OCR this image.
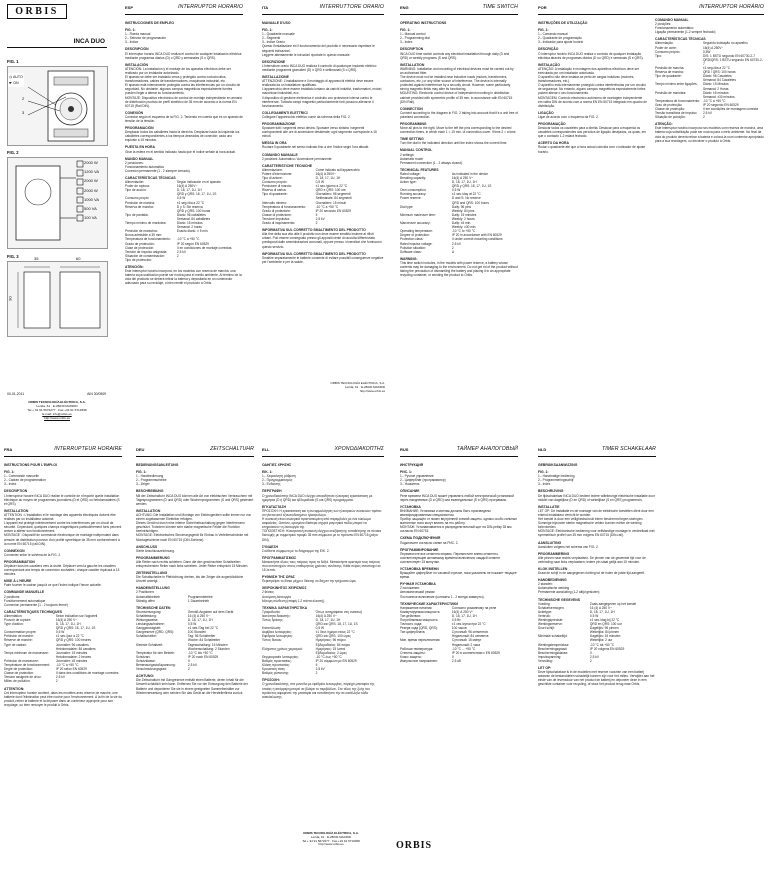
ORBIS
INCA DUO
FIG. 1
2
3
◷ AUTO
☛ ON
FIG. 2
2000 W
1200 VA
2000 W
2000 W
1000 VA
500 VA
100 VA
FIG. 3	35	60
90
00-01-2011	AIN 30/0509
ORBIS TECNOLOGÍA ELÉCTRICA, S.A.
Lerida, 61 · E-28030 MADRID
Tel.+ 34 91 5672277 · Fax:+34 91 5719398
E-mail: info@orbis.es
http://www.orbis.es
ESP	INTERRUPTOR HORARIO
INSTRUCCIONES DE EMPLEO
FIG. 1:
1.- Rueda manual
2.- Selector de programación
3.- Índice
DESCRIPCIÓN
El interruptor horario INCA DUO realiza el control de cualquier instalación eléctrica mediante programas diarios (D) o QRD y semanales (S o QRS).
INSTALACIÓN
ATENCIÓN: La instalación y el montaje de los aparatos eléctricos debe ser realizado por un instalador autorizado.
El aparato se debe ser instalado cerca y protegido contra cortocircuitos, transformadores, cables de transformadores, maquinaria industrial, etc.
El aparato está internamente protegido contra las interferencias por un circuito de seguridad. No obstante, algunos campos magnéticos especialmente fuertes pueden llegar a alterar su funcionamiento.
MONTAJE: Dispositivo electrónico de control de montaje independiente en armario de distribución provisto de perfil simétrico de 35 mm de acuerdo a la norma EN 60715 (Raíl DIN).
CONEXIÓN
Conectar según el esquema de la FIG. 2. Teniendo en cuenta que es un aparato de tensión de la tensión.
PROGRAMACIÓN
Desplazar todos los caballetes hacia la derecha. Desplazar hacia la izquierda los caballetes correspondientes a los tiempos deseados de conexión; cada uno equivale a 15 minutos.
PUESTA EN HORA
Girar la esfera en el sentido indicado hasta que el índice señale la hora actual.
MANDO MANUAL
2 posiciones:
Funcionamiento automático
Conexión permanente (1 - 2 siempre cerrado).
CARACTERÍSTICAS TÉCNICAS
Alimentación:	Según indicación en el aparato
Poder de ruptura:	16(4) A 250V~
Tipo de acción:	D, 18, 17, 1U, 1H
QRD y QRS: 18, 17, 1U, 1S
Consumo propio:	0,5 W
Precisión de marcha:	±1 seg./día a 22 °C
Reserva de marcha:	D y S: Sin reserva
QRD y QRS: 100 horas
Tipo de pantalla:	Diario: 96 caballetes
Semanal: 84 caballetes
Tiempo mínimo de maniobra:	Diario: 15 minutos
Semanal: 2 horas
Precisión de maniobra:	Exacto diario: ± 5 min.
Borna admisible a 35 mm:
Temperatura de funcionamiento:	-10 °C a +50 °C
Grado de protección:	IP 20 según EN 60529
Clase de protección:	II en condiciones de montaje correctas
Tensión de impulso asignada:	2,5 kV
Situación de contaminación:	2
Tipo de protección:
ATENCIÓN:
Este interruptor horario incorpora, en los modelos con reserva de marcha, una batería cuya sustitución puede ser nociva para el medio ambiente. Al término de la vida del producto se deberá retirar la batería y depositarla en un contenedor adecuado para su reciclaje, o bien remitir el producto a Orbis.
ITA	INTERRUTTORE ORARIO
MANUALE D'USO
FIG. 1:
1.- Quadrante manuale
2.- Segmenti
3.- Indice Orario
Questo l'installazione ed il funzionamento del prodotto è necessario rispettare le seguenti indicazioni.
Leggere attentamente le istruzioni riportate in questo manuale.
DESCRIZIONE
L'interruttore orario INCA DUO realizza il controllo di qualunque impianto elettrico mediante programmi giornalieri (D) o QRD e settimanali (S o QRS).
INSTALLAZIONE
ATTENZIONE: L'installazione e il montaggio di apparecchi elettrici deve essere realizzata da un installatore qualificato.
L'apparecchio deve essere installato lontano da carichi induttivi, trasformatori, motori, macchinari industriali, ecc.
Il dispositivo di gestione elettronica è costruito con protezione interna contro le interferenze. Tuttavia campi magnetici particolarmente forti possono alterarne il funzionamento.
COLLEGAMENTI ELETTRICI
Collegare l'apparecchio elettrico come da schema della FIG. 2.
PROGRAMMAZIONE
Spostare tutti i segmenti verso destra. Spostare verso sinistra i segmenti corrispondenti alle ore di accensione desiderate; ogni segmento corrisponde a 15 minuti.
MESSA IN ORA
Ruotare il quadrante nel senso indicato fino a che l'indice segni l'ora attuale.
COMANDO MANUALE
2 posizioni: Automatico / Accensione permanente.
CARATTERISTICHE TECNICHE
Alimentazione:	Come indicato sull'apparecchio
Potere d'interruzione:	16(4) A 250V~
Tipo di azione:	D, 18, 17, 1U, 1H
Consumo proprio:	0,5 W
Precisione di marcia:	±1 sec./giorno a 22 °C
Riserva di carica:	QRD e QRS: 100 ore
Tipo di quadrante:	Giornaliero: 96 segmenti
Settimanale: 84 segmenti
Intervallo minimo:	Giornaliero: 15 minuti
Temperatura di funzionamento:	-10 °C a +50 °C
Grado di protezione:	IP 20 secondo EN 60529
Classe di protezione:	II
Tensione impulsiva:	2,5 kV
Grado di inquinamento:	2
INFORMATIVA SUL CORRETTO SMALTIMENTO DEL PRODOTTO
Alla fine della sua vita utile il prodotto non deve essere smaltito insieme ai rifiuti urbani. Può essere consegnato presso gli appositi centri di raccolta differenziata predisposti dalle amministrazioni comunali, oppure presso i rivenditori che forniscono questo servizio.
INFORMATIVA SUL CORRETTO SMALTIMENTO DEL PRODOTTO
Smaltire separatamente le batterie consente di evitare possibili conseguenze negative per l'ambiente e per la salute.
ENG	TIME SWITCH
OPERATING INSTRUCTIONS
FIG. 1:
1.- Manual control
2.- Programming dial
3.- Index
DESCRIPTION
INCA DUO time switch controls any electrical installation through daily (D and QRD) or weekly programs (S and QRS).
INSTALLATION
WARNING: Installation and mounting of electrical devices must be carried out by an authorised fitter.
The device must not be installed near inductive loads (motors, transformers, contactors, etc.) or any other source of interference. The device is internally protected against interference by a security circuit. However, some particularly strong magnetic fields may alter its functioning.
MOUNTING: Electronic control device of independent mounting in distribution cabinet provided with symmetric profile of 35 mm, in accordance with EN 60715 (DIN Rail).
CONNECTION
Connect according to the diagram in FIG. 2 taking into account that it's a unit free of polarised connection.
PROGRAMMING
Move all pins to the right. Move to the left the pins corresponding to the desired connection times, in which each 1 = 15 min. of connection cover. If time 2 = a time.
TIME SETTING
Turn the dial in the indicated direction until the index shows the current time.
MANUAL CONTROL
2 settings:
Automatic mode
Permanent connection (1 - 2 always closed).
TECHNICAL FEATURES
Rated voltage:	As indicated in the device
Breaking capacity:	16(4) A 250 V~
Action type:	D, 18, 17, 1U, 1H
QRD y QRS: 18, 17, 1U, 1S
Own consumption:	0,5 W
Running accuracy:	±1 sec./day at 22 °C
Power reserve:	D and S: No reserve
QRD and QRS: 100 hours
Dial type:	Daily: 96 pins
Weekly: 84 pins
Minimum maneuver time:	Daily: 15 minutes
Weekly: 2 hours
Manoeuvre accuracy:	Daily: ±5 min.
Weekly: ±30 min.
Operating temperature:	-10 °C to +50 °C
Degree of protection:	IP 20 in accordance with EN 60529
Protection class:	II under correct mounting conditions
Rated impulse voltage:	2,5 kV
Pollution situation:	2
Software class:	A
WARNING:
This time switch includes, in the models with power reserve, a battery whose contents may be damaging to the environment. Do not get rid of the product without taking the precaution of dismantling the battery and placing it in an appropriate recycling container, or sending the product to Orbis.
POR	INTERRUPTOR HORÁRIO
INSTRUÇÕES DE UTILIZAÇÃO
FIG. 1:
1.- Comando manual
2.- Quadrante de programação
3.- Indicador para ajuste horário
DESCRIÇÃO
O interruptor horário INCA DUO realiza o controlo de qualquer instalação eléctrica através de programas diários (D ou QRD) e semanais (S e QRS).
INSTALAÇÃO
ATENÇÃO: A instalação e montagem dos aparelhos eléctricos deve ser executada por um instalador autorizado.
O aparelho não deve instalar-se perto de cargas indutivas (motores, transformadores, etc.).
O aparelho está internamente protegido contra interferências por um circuito de segurança. No entanto, alguns campos magnéticos especialmente fortes podem alterar o seu funcionamento.
MONTAGEM: Controlo electrónico autónomo de montagem independente em calha DIN de acordo com a norma EN EN 60715 integrado em quadro de distribuição.
LIGAÇÃO
Ligar de acordo com o esquema da FIG. 2.
PROGRAMAÇÃO
Deslocar todos os cavaletes para a direita. Deslocar para a esquerda os cavaletes correspondentes aos períodos de ligação desejados, os quais, em que o contacto 1-2 estará fechado.
ACERTO DA HORA
Rodar o quadrante até que a hora actual coincida com o indicador de ajuste horário.
COMANDO MANUAL
2 posições:
Funcionamento automático
Ligação permanente (1-2 sempre fechado)
CARACTERÍSTICAS TÉCNICAS
Alimentação:	Segundo indicação no aparelho
Poder de corte:	16(4) A 250V~
Consumo próprio:	0,5W
Tipo:	D/S: 1 BSTU segundo EN 60730-2-7
QRD/QRS: 1 BSTU segundo EN 60730-2-7
Precisão de marcha:	±1 seg./dia a 22 °C
Reserva de marcha:	QRD / QRS: 100 horas
Tipo de quadrante:	Diário: 96 Cavaletes
Semanal: 84 Cavaletes
Tempo mínimo entre ligações:	Diário: 15 Minutos
Semanal: 2 Horas
Precisão de manobra:	Diário: ±5 minutos
Semanal: ±30 minutos
Temperatura de funcionamento: -10 °C a +50 °C
Grau de protecção:	IP 20 segundo EN 60529
Classe de protecção:	II em condições de montagem correcta
Tensão transitória de impulso:	2,5 kV
Situação de poluição:	2
ATENÇÃO:
Este interruptor horário incorpora nos modelos com reserva de marcha, uma bateria cuja substituição pode ser nociva para o meio ambiente. No final da vida do produto deverá retirar a bateria e colocá-la num contentor apropriado para a sua reciclagem, ou devolver o produto à Orbis.
FRA	INTERRUPTEUR HORAIRE
INSTRUCTIONS POUR L'EMPLOI
FIG. 1:
1.- Commande manuelle
2.- Cadran de programmation
3.- Index
DESCRIPTION
L'interrupteur horaire INCA DUO réalise le contrôle de n'importe quelle installation électrique au moyen de programmes journaliers (D et QRD) ou hebdomadaires (S et QRS).
INSTALLATION
ATTENTION : L'installation et le montage des appareils électriques doivent être réalisés par un installateur autorisé.
L'appareil est protégé intérieurement contre les interférences par un circuit de sécurité. Cependant, quelques champs magnétiques particulièrement forts peuvent arriver à altérer son fonctionnement.
MONTAGE : Dispositif de commande électronique de montage indépendant dans armoire de distribution pourvue d'un profilé symétrique de 35 mm conformément à la norme EN 60715 (rail DIN).
CONNEXION
Connecter selon le schéma de la FIG. 2.
PROGRAMMATION
Déplacer tous les cavaliers vers la droite. Déplacer vers la gauche les cavaliers correspondant aux temps de connexion souhaités ; chaque cavalier équivaut à 15 minutes.
MISE À L'HEURE
Faire tourner le cadran jusqu'à ce que l'index indique l'heure actuelle.
COMMANDE MANUELLE
2 positions:
Fonctionnement automatique
Connexion permanente (1 - 2 toujours fermé)
CARACTÉRISTIQUES TECHNIQUES
Alimentation:	Selon indication sur l'appareil
Pouvoir de rupture:	16(4) A 250 V~
Type d'action:	D, 18, 17, 1U, 1H
QRD y QRS: 18, 17, 1U, 1S
Consommation propre:	0,5 W
Précision de marche:	±1 sec./jour à 22 °C
Réserve de marche:	QRD y QRS: 100 heures
Type de cadran:	Journalier: 96 cavaliers
Hebdomadaire: 84 cavaliers
Temps minimum de manœuvre:	Journalier: 15 minutes
Hebdomadaire: 2 heures
Précision de manœuvre:	Journalier: ±5 minutes
Température de fonctionnement:	-10 °C à +50 °C
Degré de protection:	IP 20 selon EN 60529
Classe de protection:	II dans des conditions de montage correctes
Tension assignée de choc:	2,5 kV
Milieu de pollution:	2
ATTENTION:
Cet interrupteur horaire contient, dans les modèles avec réserve de marche, une batterie dont l'élimination peut être nocive pour l'environnement. À la fin de la vie du produit, retirer la batterie et la déposer dans un conteneur approprié pour son recyclage, ou bien renvoyer le produit à Orbis.
DEU	ZEITSCHALTUHR
BEDIENUNGSANLEITUNG
FIG. 1:
1.- Handbedienung
2.- Programmscheibe
3.- Zeiger
BESCHREIBUNG
Mit der Zeitschaltuhr INCA DUO können alle Art von elektrischen Verbrauchern mit Tagesprogrammen (D und QRD) oder Wochenprogrammen (S und QRS) gesteuert werden.
INSTALLATION
ACHTUNG: Die Installation und Montage von Elektrogeräten sollte immer nur von einem zugelassenen Elektriker erfolgen.
Dieses Gerät ist durch eine interne Sicherheitsschaltung gegen Interferenzen geschützt. Trotzdem können sehr starke magnetische Felder die Funktion beeinträchtigen.
MONTAGE: Elektronisches Steuerungsgerät für Einbau in Verteilerschränke mit Montageschiene nach EN 60715 (DIN-Schiene).
ANSCHLUSS
Siehe Anschlusszeichnung.
PROGRAMMIERUNG
Alle Reiter nach rechts schieben. Dann die den gewünschten Schaltzeiten entsprechenden Reiter nach links schieben. Jeder Reiter entspricht 15 Minuten.
ZEITEINSTELLUNG
Die Schaltscheibe in Pfeilrichtung drehen, bis der Zeiger die augenblickliche Uhrzeit anzeigt.
HANDEINSTELLUNG
2 Positionen:
Automatikbetrieb	Programmbetrieb
Ständig offen	1 Dauerbetrieb
TECHNISCHE DATEN
Stromversorgung:	Gemäß Angaben auf dem Gerät
Schaltleistung:	16 (4) A 250 V~
Wirkungsweise:	D, 18, 17, 1U, 1H
Leistungsaufnahme:	0,5 W
Ganggenauigkeit:	±1 sek./Tag bei 22 °C
Gangreserve (QRD, QRS):	100 Stunden
Schaltscheibe:	Tag: 96 Schaltreiter
Woche: 84 Schaltreiter
Kleinste Schaltzeit:	Tagesschaltung: 15 Minuten
Wochenschaltung: 2 Stunden
Temperatur für den Betrieb:	-10 °C bis +50 °C
Schutzart:	IP 20 nach EN 60529
Schutzklasse:	II
Bemessungsstoßspannung:	2,5 kV
Verschmutzungsgrad:	2
ACHTUNG:
Die Zeitschaltuhr mit Gangreserve enthält einen Batterie, deren Inhalt für die Umwelt schädlich sein kann. Entfernen Sie vor der Entsorgung den Batterie der Batterie und deponieren Sie sie in einem geeigneten Sammelbehälter zur Wiederverwertung oder senden Sie das Gerät an die Herstellerfirma zurück.
ELL	ΧΡΟΝΟΔΙΑΚΟΠΤΗΣ
ΟΔΗΓΙΕΣ ΧΡΗΣΗΣ
ΕΙΚ. 1:
1.- Χειροκίνητη ρύθμιση
2.- Προγραμματισμός
3.- Ενδείκτης
ΠΕΡΙΓΡΑΦΗ
Ο χρονοδιακόπτης INCA DUO ελέγχει οποιαδήποτε ηλεκτρική εγκατάσταση με ημερήσια (D ή QRD) και εβδομαδιαία (S και QRS) προγράμματα.
ΕΓΚΑΤΑΣΤΑΣΗ
ΠΡΟΣΟΧΗ: Η εγκατάσταση και η συναρμολόγηση των ηλεκτρικών συσκευών πρέπει να γίνεται από εξουσιοδοτημένο ηλεκτρολόγο.
Η συσκευή είναι εσωτερικά προστατευμένη από παρεμβολές με ένα κύκλωμα ασφαλείας. Ωστόσο, ορισμένα ιδιαίτερα ισχυρά μαγνητικά πεδία μπορεί να επηρεάσουν τη λειτουργία της.
ΤΟΠΟΘΕΤΗΣΗ: Ηλεκτρονική συσκευή ελέγχου ανεξάρτητης τοποθέτησης σε πίνακα διανομής με συμμετρικό προφίλ 35 mm σύμφωνα με το πρότυπο EN 60715 (ράγα DIN).
ΣΥΝΔΕΣΗ
Συνδέστε σύμφωνα με το διάγραμμα της ΕΙΚ. 2.
ΠΡΟΓΡΑΜΜΑΤΙΣΜΟΣ
Μετακινήστε όλους τους πείρους προς τα δεξιά. Μετακινήστε αριστερά τους πείρους που αντιστοιχούν στους επιθυμητούς χρόνους σύνδεσης. Κάθε πείρος αντιστοιχεί σε 15 λεπτά.
ΡΥΘΜΙΣΗ ΤΗΣ ΩΡΑΣ
Περιστρέψτε το δίσκο μέχρι ο δείκτης να δείχνει την τρέχουσα ώρα.
ΧΕΙΡΟΚΙΝΗΤΟΣ ΧΕΙΡΙΣΜΟΣ
2 θέσεις:
Αυτόματη λειτουργία
Μόνιμη σύνδεση (επαφή 1-2 πάντα κλειστή).
ΤΕΧΝΙΚΑ ΧΑΡΑΚΤΗΡΙΣΤΙΚΑ
Τροφοδοσία:	Όπως αναγράφεται στη συσκευή
Ικανότητα διακοπής:	16(4) A 250 V~
Τύπος δράσης:	D, 18, 17, 1U, 1H
QRD και QRS: 18, 17, 1U, 1S
Κατανάλωση:	0,5 W
Ακρίβεια λειτουργίας:	±1 δευτ./ημέρα στους 22 °C
Εφεδρεία λειτουργίας:	QRD και QRS: 100 ώρες
Τύπος δίσκου:	Ημερήσιος: 96 πείροι
Εβδομαδιαίος: 84 πείροι
Ελάχιστος χρόνος χειρισμού:	Ημερήσιος: 15 λεπτά
Εβδομαδιαίος: 2 ώρες
Θερμοκρασία λειτουργίας:	-10 °C έως +50 °C
Βαθμός προστασίας:	IP 20 σύμφωνα με EN 60529
Κλάση προστασίας:	II
Κρουστική τάση:	2,5 kV
Βαθμός ρύπανσης:	2
ΠΡΟΣΟΧΗ:
Ο χρονοδιακόπτης, στα μοντέλα με εφεδρεία λειτουργίας, περιέχει μπαταρία της οποίας η απόρριψη μπορεί να βλάψει το περιβάλλον. Στο τέλος της ζωής του προϊόντος αφαιρέστε την μπαταρία και τοποθετήστε την σε κατάλληλο κάδο ανακύκλωσης.
RUS	ТАЙМЕР АНАЛОГОВЫЙ
ИНСТРУКЦИЯ
РИС. 1:
1.- Ручное управление
2.- Циферблат (программатор)
3.- Указатель
ОПИСАНИЕ
Реле времени INCA DUO может управлять любой электрической установкой через ежедневные (D и QRD) или еженедельные (S и QRS) программы.
УСТАНОВКА
ВНИМАНИЕ: Установка и монтаж должны быть произведены квалифицированным специалистом.
Прибор защищён от помех внутренней схемой защиты, однако особо сильные магнитные поля могут влиять на его работу.
МОНТАЖ: Устанавливается в распределительный щит на DIN-рейку 35 мм согласно EN 60715.
СХЕМА ПОДКЛЮЧЕНИЯ
Подключите согласно схеме на РИС. 2.
ПРОГРАММИРОВАНИЕ
Переместите все сегменты вправо. Переместите влево сегменты, соответствующие желаемому времени включения; каждый сегмент соответствует 15 минутам.
УСТАНОВКА ВРЕМЕНИ
Вращайте циферблат по часовой стрелке, пока указатель не покажет текущее время.
РУЧНАЯ УСТАНОВКА
2 положения:
Автоматический режим
Постоянное включение (контакты 1 - 2 всегда замкнуты).
ТЕХНИЧЕСКИЕ ХАРАКТЕРИСТИКИ
Напряжение питания:	Согласно указанному на реле
Коммутируемая мощность:	16(4) А 250 V~
Тип действия:	D, 18, 17, 1U, 1H
Потребляемая мощность:	0,5 Вт
Точность хода:	±1 сек./сутки при 22 °C
Резерв хода (QRD, QRS):	100 часов
Тип циферблата:	Суточный: 96 сегментов
Недельный: 84 сегмента
Мин. время переключения:	Суточный: 15 минут
Недельный: 2 часа
Рабочая температура:	-10 °C ... +50 °C
Степень защиты:	IP 20 в соответствии с EN 60529
Класс защиты:	II
Импульсное напряжение:	2,5 кВ
NLD	TIMER SCHAKELAAR
GEBRUIKSAANWIJZING
FIG. 1:
1.- Handmatige bediening
2.- Programmeringsschijf
3.- Index
BESCHRIJVING
De tijdschakelaar INCA DUO bedient iedere willekeurige elektrische installatie door middel van dagelijkse (D en QRD) of wekelijkse (S en QRS) programma's.
INSTALLATIE
LET OP: De installatie en de montage van de elektrische toestellen dient door een erkend installateur verricht te worden.
Het toestel is door een veiligheidscircuit intern beschermd tegen storingen. Sommige bijzonder sterke magnetische velden kunnen echter de werking beïnvloeden.
MONTAGE: Elektronische bediening voor zelfstandige montage in verdeelkast met symmetrisch profiel van 35 mm volgens EN 60715 (DIN-rail).
AANSLUITING
Aansluiten volgens het schema van FIG. 2.
PROGRAMMERING
Alle pinnen naar rechts verplaatsen. De pinnen van de gewenste tijd voor de verbinding naar links verplaatsen; iedere pin staat gelijk aan 15 minuten.
KLOK INSTELLEN
Draai de schijf in de aangegeven richting tot de index de juiste tijd aangeeft.
HANDBEDIENING
2 standen:
Automatische werking
Permanente aansluiting (1-2 altijd gesloten)
TECHNISCHE GEGEVENS
Voeding:	Zoals aangegeven op het toestel
Schakelvermogen:	16 (4) A 250 V~
Actietype:	D, 18, 17, 1U, 1H
Verbruik:	0,5 W
Werkingsprecisie:	±1 sec./dag bij 22 °C
Werkingsreserve:	QRD en QRS: 100 uur
Soort schijf:	Dagelijks: 96 pinnen
Wekelijks: 84 pinnen
Minimale schakeltijd:	Dagelijks: 15 minuten
Wekelijks: 2 uur
Werkingstemperatuur:	-10 °C tot +50 °C
Beschermingsgraad:	IP 20 volgens EN 60529
Beschermingsklasse:	II
Impulsspanning:	2,5 kV
Vervuiling:	2
LET OP:
Deze tijdschakelaar is in de modellen met reserve voorzien van een batterij waarvan de bestanddelen schadelijk kunnen zijn voor het milieu. Verwijder aan het einde van de levensduur van het product de batterij en deponeer deze in een geschikte container voor recycling, of stuur het product terug naar Orbis.
ORBIS
ORBIS TECNOLOGÍA ELÉCTRICA, S.A.
Lerida, 61 · E-28030 MADRID
Tel.+ 34 91 5672277 · Fax:+34 91 5719398
http://www.orbis.es
ORBIS TECNOLOGÍA ELÉCTRICA, S.A.
Lerida, 61 · E-28030 MADRID
http://www.orbis.es
